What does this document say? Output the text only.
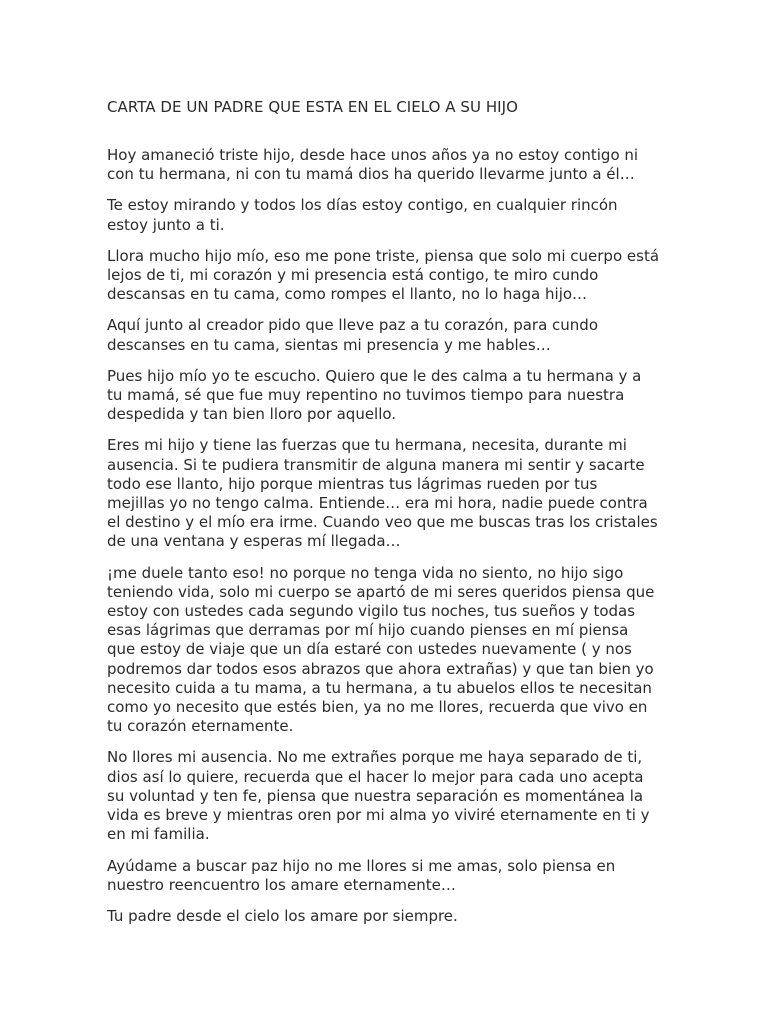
CARTA DE UN PADRE QUE ESTA EN EL CIELO A SU HIJO

Hoy amaneció triste hijo, desde hace unos años ya no estoy contigo ni
con tu hermana, ni con tu mamá dios ha querido llevarme junto a él…

Te estoy mirando y todos los días estoy contigo, en cualquier rincón
estoy junto a ti.

Llora mucho hijo mío, eso me pone triste, piensa que solo mi cuerpo está
lejos de ti, mi corazón y mi presencia está contigo, te miro cundo
descansas en tu cama, como rompes el llanto, no lo haga hijo…

Aquí junto al creador pido que lleve paz a tu corazón, para cundo
descanses en tu cama, sientas mi presencia y me hables…

Pues hijo mío yo te escucho. Quiero que le des calma a tu hermana y a
tu mamá, sé que fue muy repentino no tuvimos tiempo para nuestra
despedida y tan bien lloro por aquello.

Eres mi hijo y tiene las fuerzas que tu hermana, necesita, durante mi
ausencia. Si te pudiera transmitir de alguna manera mi sentir y sacarte
todo ese llanto, hijo porque mientras tus lágrimas rueden por tus
mejillas yo no tengo calma. Entiende… era mi hora, nadie puede contra
el destino y el mío era irme. Cuando veo que me buscas tras los cristales
de una ventana y esperas mí llegada…

¡me duele tanto eso! no porque no tenga vida no siento, no hijo sigo
teniendo vida, solo mi cuerpo se apartó de mi seres queridos piensa que
estoy con ustedes cada segundo vigilo tus noches, tus sueños y todas
esas lágrimas que derramas por mí hijo cuando pienses en mí piensa
que estoy de viaje que un día estaré con ustedes nuevamente ( y nos
podremos dar todos esos abrazos que ahora extrañas) y que tan bien yo
necesito cuida a tu mama, a tu hermana, a tu abuelos ellos te necesitan
como yo necesito que estés bien, ya no me llores, recuerda que vivo en
tu corazón eternamente.

No llores mi ausencia. No me extrañes porque me haya separado de ti,
dios así lo quiere, recuerda que el hacer lo mejor para cada uno acepta
su voluntad y ten fe, piensa que nuestra separación es momentánea la
vida es breve y mientras oren por mi alma yo viviré eternamente en ti y
en mi familia.

Ayúdame a buscar paz hijo no me llores si me amas, solo piensa en
nuestro reencuentro los amare eternamente…

Tu padre desde el cielo los amare por siempre.
